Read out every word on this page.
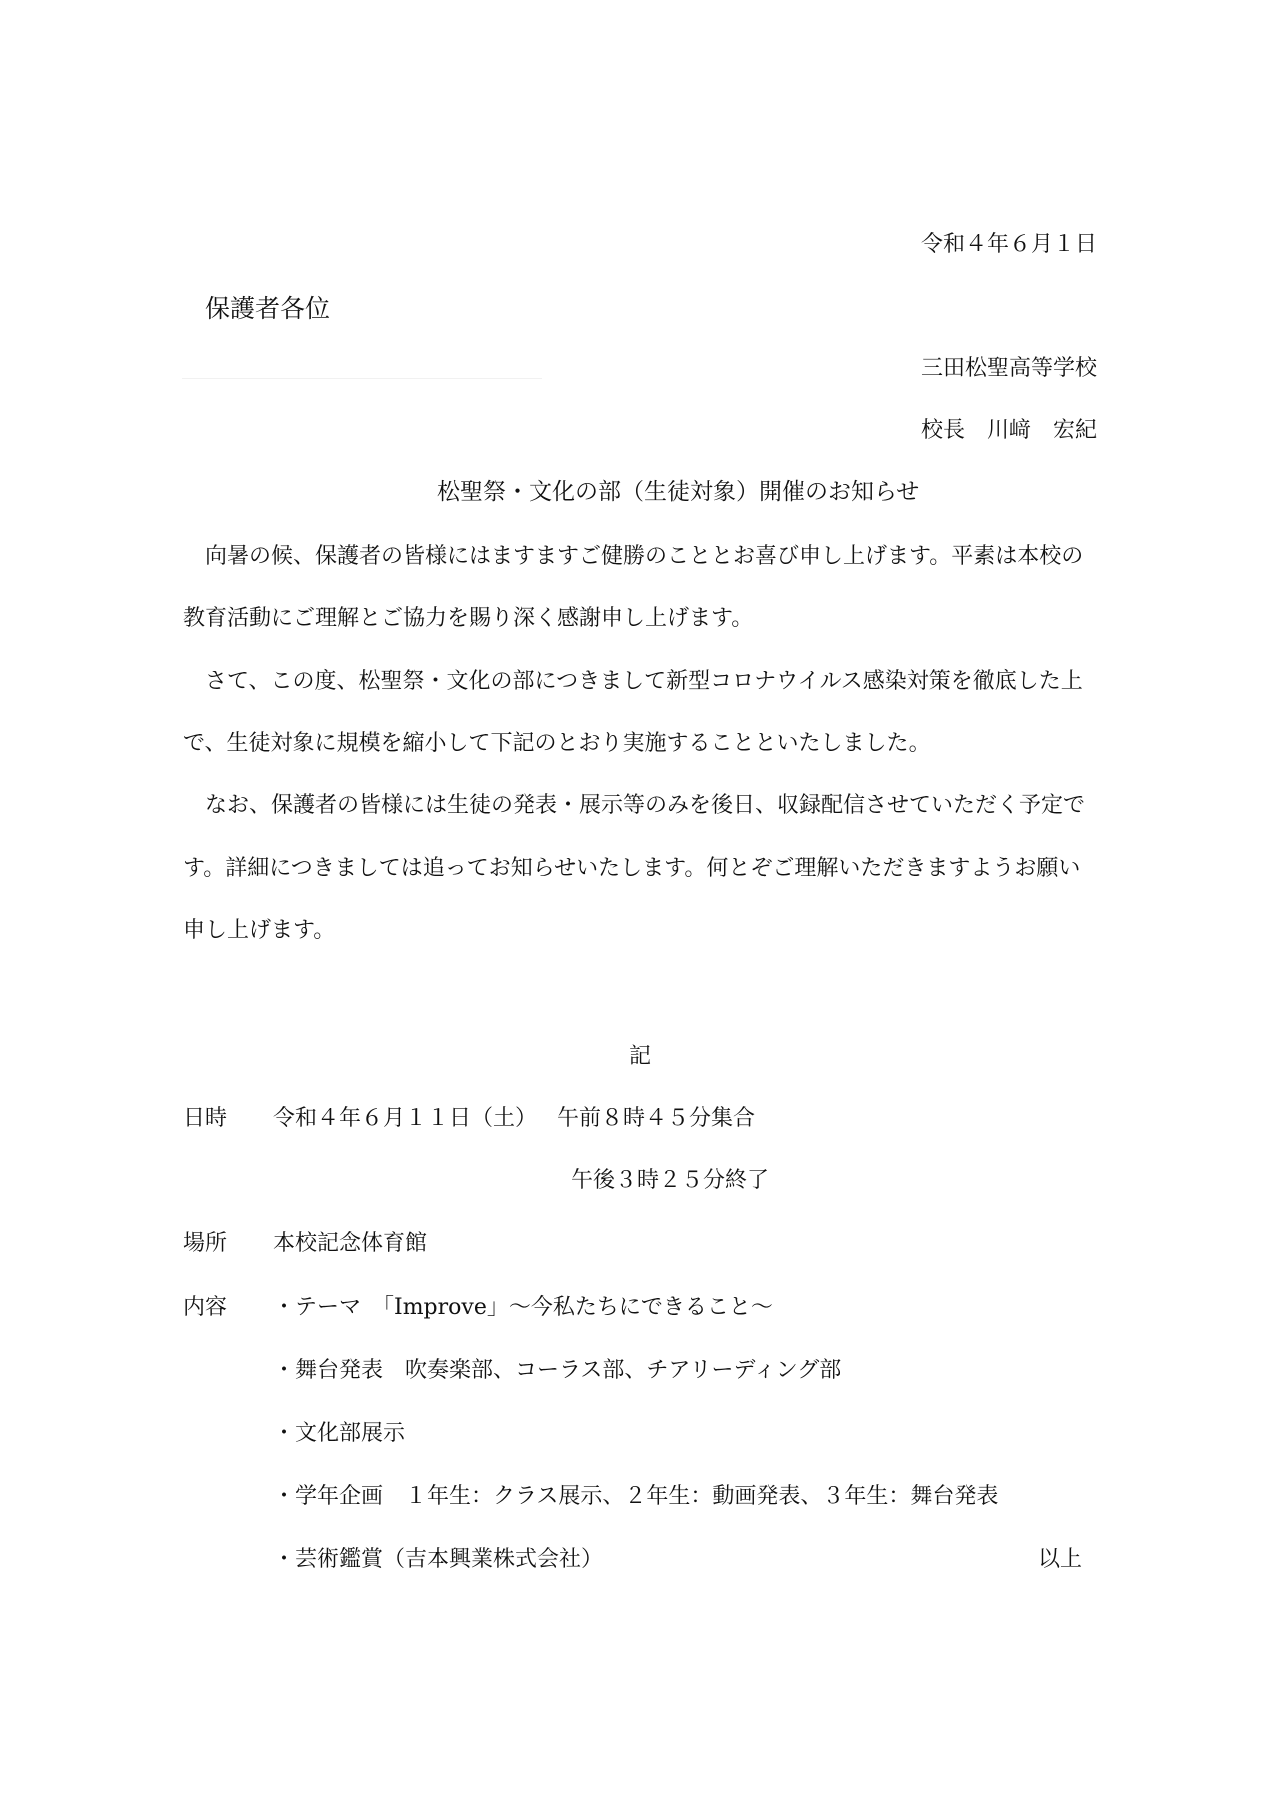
令和４年６月１日
保護者各位
三田松聖高等学校
校長　川﨑　宏紀
松聖祭・文化の部（生徒対象）開催のお知らせ
向暑の候、保護者の皆様にはますますご健勝のこととお喜び申し上げます。平素は本校の
教育活動にご理解とご協力を賜り深く感謝申し上げます。
さて、この度、松聖祭・文化の部につきまして新型コロナウイルス感染対策を徹底した上
で、生徒対象に規模を縮小して下記のとおり実施することといたしました。
なお、保護者の皆様には生徒の発表・展示等のみを後日、収録配信させていただく予定で
す。詳細につきましては追ってお知らせいたします。何とぞご理解いただきますようお願い
申し上げます。
記
日時 令和４年６月１１日（土） 午前８時４５分集合
午後３時２５分終了
場所 本校記念体育館
内容 ・テーマ　「Improve」～今私たちにできること～
・舞台発表　吹奏楽部、コーラス部、チアリーディング部
・文化部展示
・学年企画　１年生：クラス展示、２年生：動画発表、３年生：舞台発表
・芸術鑑賞（吉本興業株式会社）	以上
